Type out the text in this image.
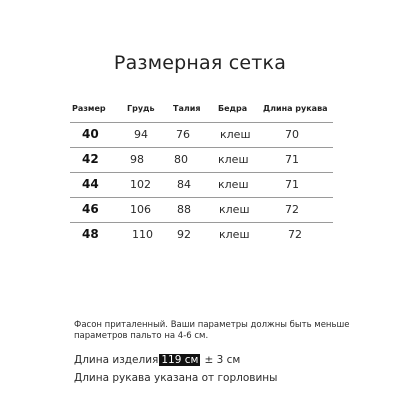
Размерная сетка
Размер	Грудь Талия Бедра Длина рукава
40	94	76	клеш	70
42	98	80	клеш	71
44	102 84 клеш	71
46	106 88	клеш	72
48	110 92	клеш	72
Фасон приталенный. Ваши параметры должны быть меньше параметров пальто на 4-6 см.
Длина изделия 119 см ± 3 см
Длина рукава указана от горловины
